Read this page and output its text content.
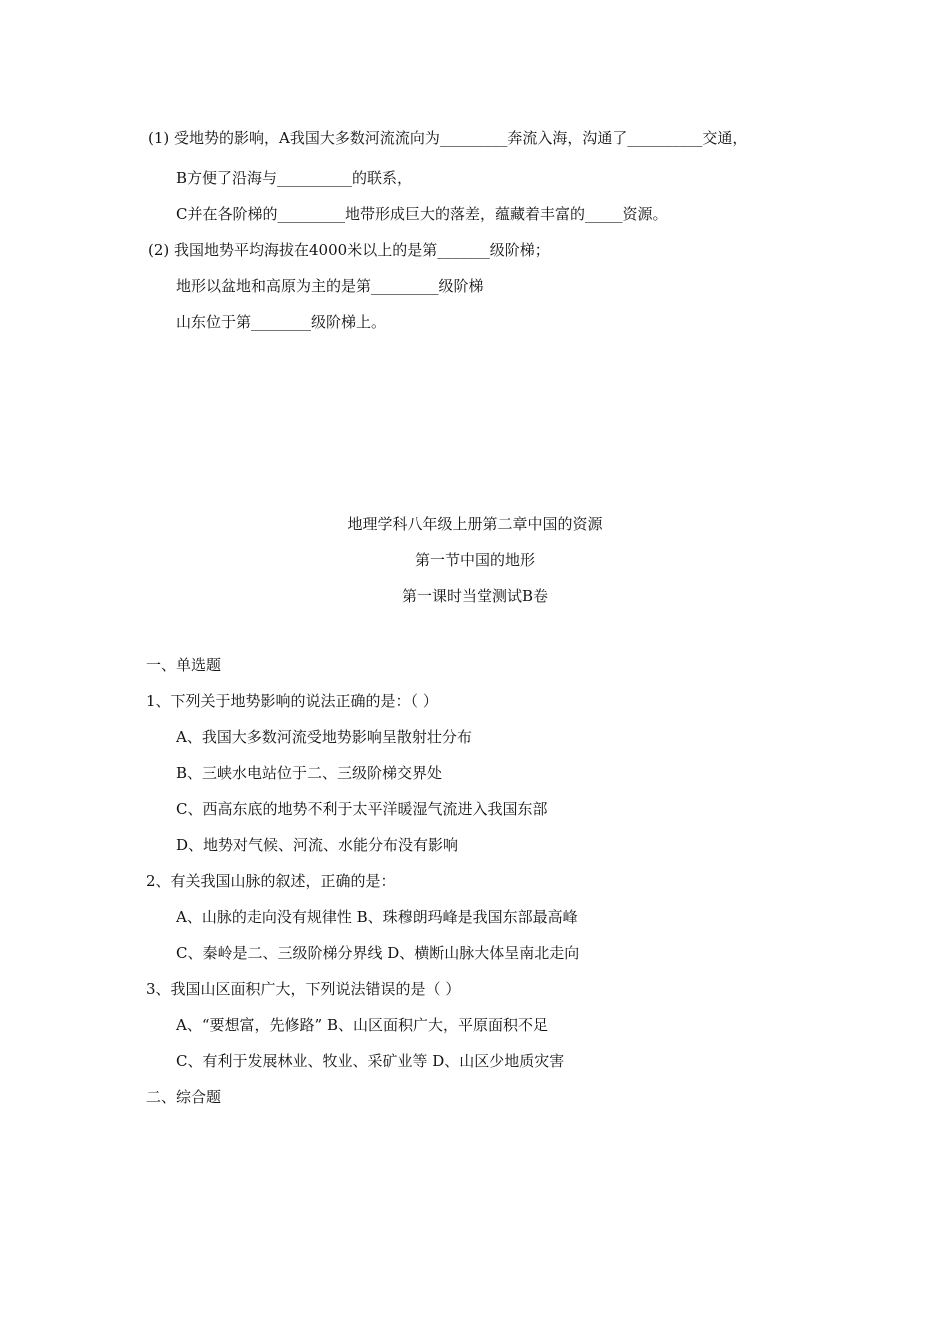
(1) 受地势的影响，A我国大多数河流流向为_________奔流入海，沟通了__________交通，
B方便了沿海与__________的联系，
C并在各阶梯的_________地带形成巨大的落差，蕴藏着丰富的_____资源。
(2) 我国地势平均海拔在4000米以上的是第_______级阶梯；
地形以盆地和高原为主的是第_________级阶梯
山东位于第________级阶梯上。
地理学科八年级上册第二章中国的资源
第一节中国的地形
第一课时当堂测试B卷
一、单选题
1、下列关于地势影响的说法正确的是：（ ）
A、我国大多数河流受地势影响呈散射壮分布
B、三峡水电站位于二、三级阶梯交界处
C、西高东底的地势不利于太平洋暖湿气流进入我国东部
D、地势对气候、河流、水能分布没有影响
2、有关我国山脉的叙述，正确的是：
A、山脉的走向没有规律性 B、珠穆朗玛峰是我国东部最高峰
C、秦岭是二、三级阶梯分界线 D、横断山脉大体呈南北走向
3、我国山区面积广大，下列说法错误的是（ ）
A、“要想富，先修路” B、山区面积广大，平原面积不足
C、有利于发展林业、牧业、采矿业等 D、山区少地质灾害
二、综合题
